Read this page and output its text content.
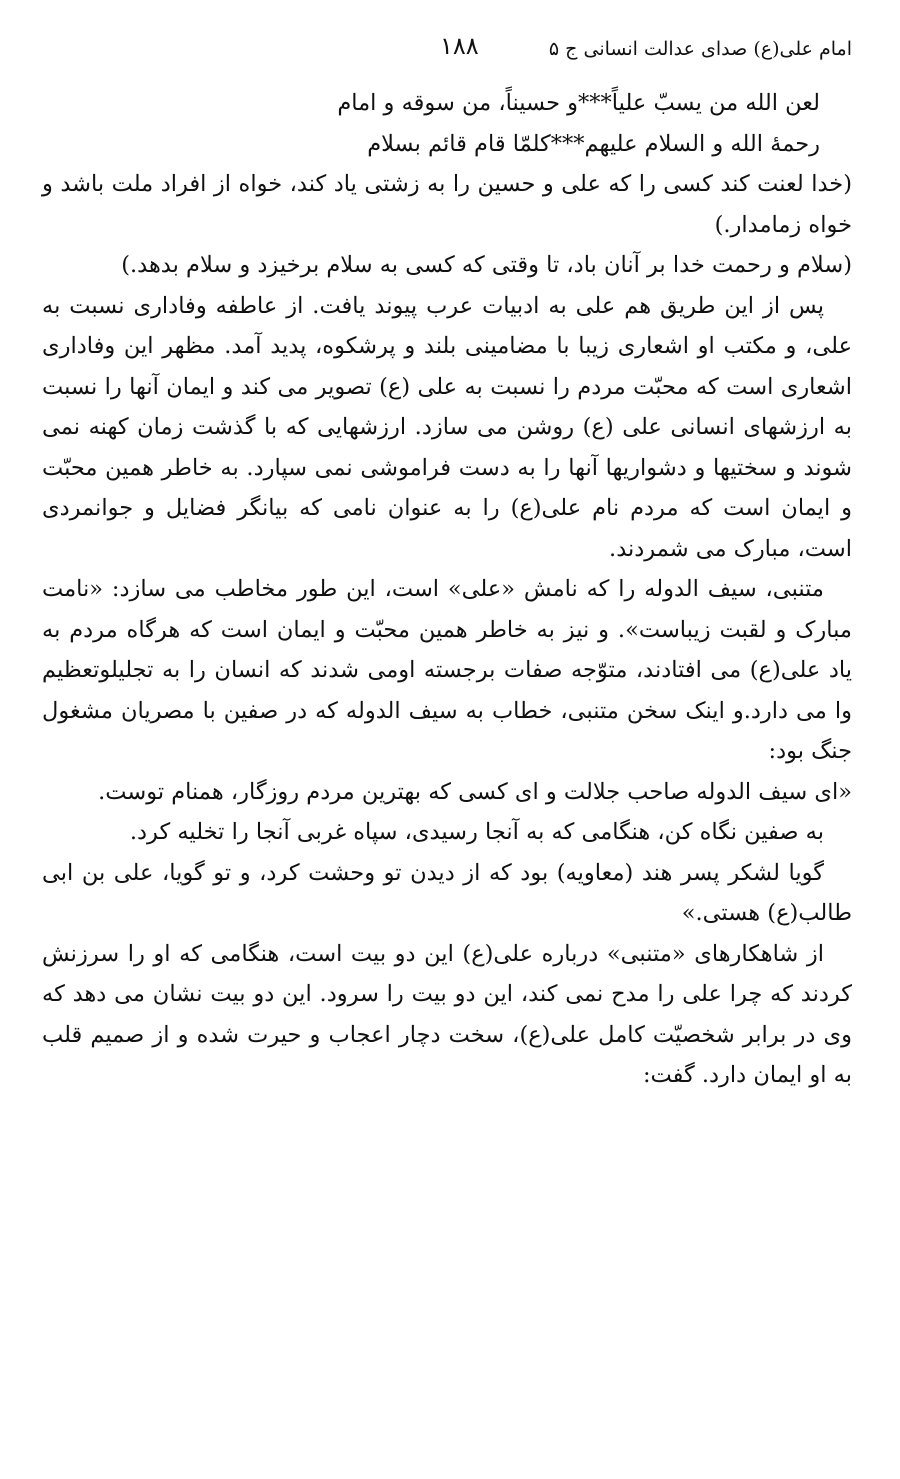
امام علی(ع) صدای عدالت انسانی ج ۵
۱۸۸

لعن الله من یسبّ علیاً***و حسیناً، من سوقه و امام

رحمۀ الله و السلام علیهم***کلمّا قام قائم بسلام

(خدا لعنت کند کسی را که علی و حسین را به زشتی یاد کند، خواه از افراد ملت باشد و خواه زمامدار.)

(سلام و رحمت خدا بر آنان باد، تا وقتی که کسی به سلام برخیزد و سلام بدهد.)

پس از این طریق هم علی به ادبیات عرب پیوند یافت. از عاطفه وفاداری نسبت به علی، و مکتب او اشعاری زیبا با مضامینی بلند و پرشکوه، پدید آمد. مظهر این وفاداری اشعاری است که محبّت مردم را نسبت به علی (ع) تصویر می کند و ایمان آنها را نسبت به ارزشهای انسانی علی (ع) روشن می سازد. ارزشهایی که با گذشت زمان کهنه نمی شوند و سختیها و دشواریها آنها را به دست فراموشی نمی سپارد. به خاطر همین محبّت و ایمان است که مردم نام علی(ع) را به عنوان نامی که بیانگر فضایل و جوانمردی است، مبارک می شمردند.

متنبی، سیف الدوله را که نامش «علی» است، این طور مخاطب می سازد: «نامت مبارک و لقبت زیباست». و نیز به خاطر همین محبّت و ایمان است که هرگاه مردم به یاد علی(ع) می افتادند، متوّجه صفات برجسته اومی شدند که انسان را به تجلیلوتعظیم وا می دارد.و اینک سخن متنبی، خطاب به سیف الدوله که در صفین با مصریان مشغول جنگ بود:

«ای سیف الدوله صاحب جلالت و ای کسی که بهترین مردم روزگار، همنام توست.

به صفین نگاه کن، هنگامی که به آنجا رسیدی، سپاه غربی آنجا را تخلیه کرد.

گویا لشکر پسر هند (معاویه) بود که از دیدن تو وحشت کرد، و تو گویا، علی بن ابی طالب(ع) هستی.»

از شاهکارهای «متنبی» درباره علی(ع) این دو بیت است، هنگامی که او را سرزنش کردند که چرا علی را مدح نمی کند، این دو بیت را سرود. این دو بیت نشان می دهد که وی در برابر شخصیّت کامل علی(ع)، سخت دچار اعجاب و حیرت شده و از صمیم قلب به او ایمان دارد. گفت:
